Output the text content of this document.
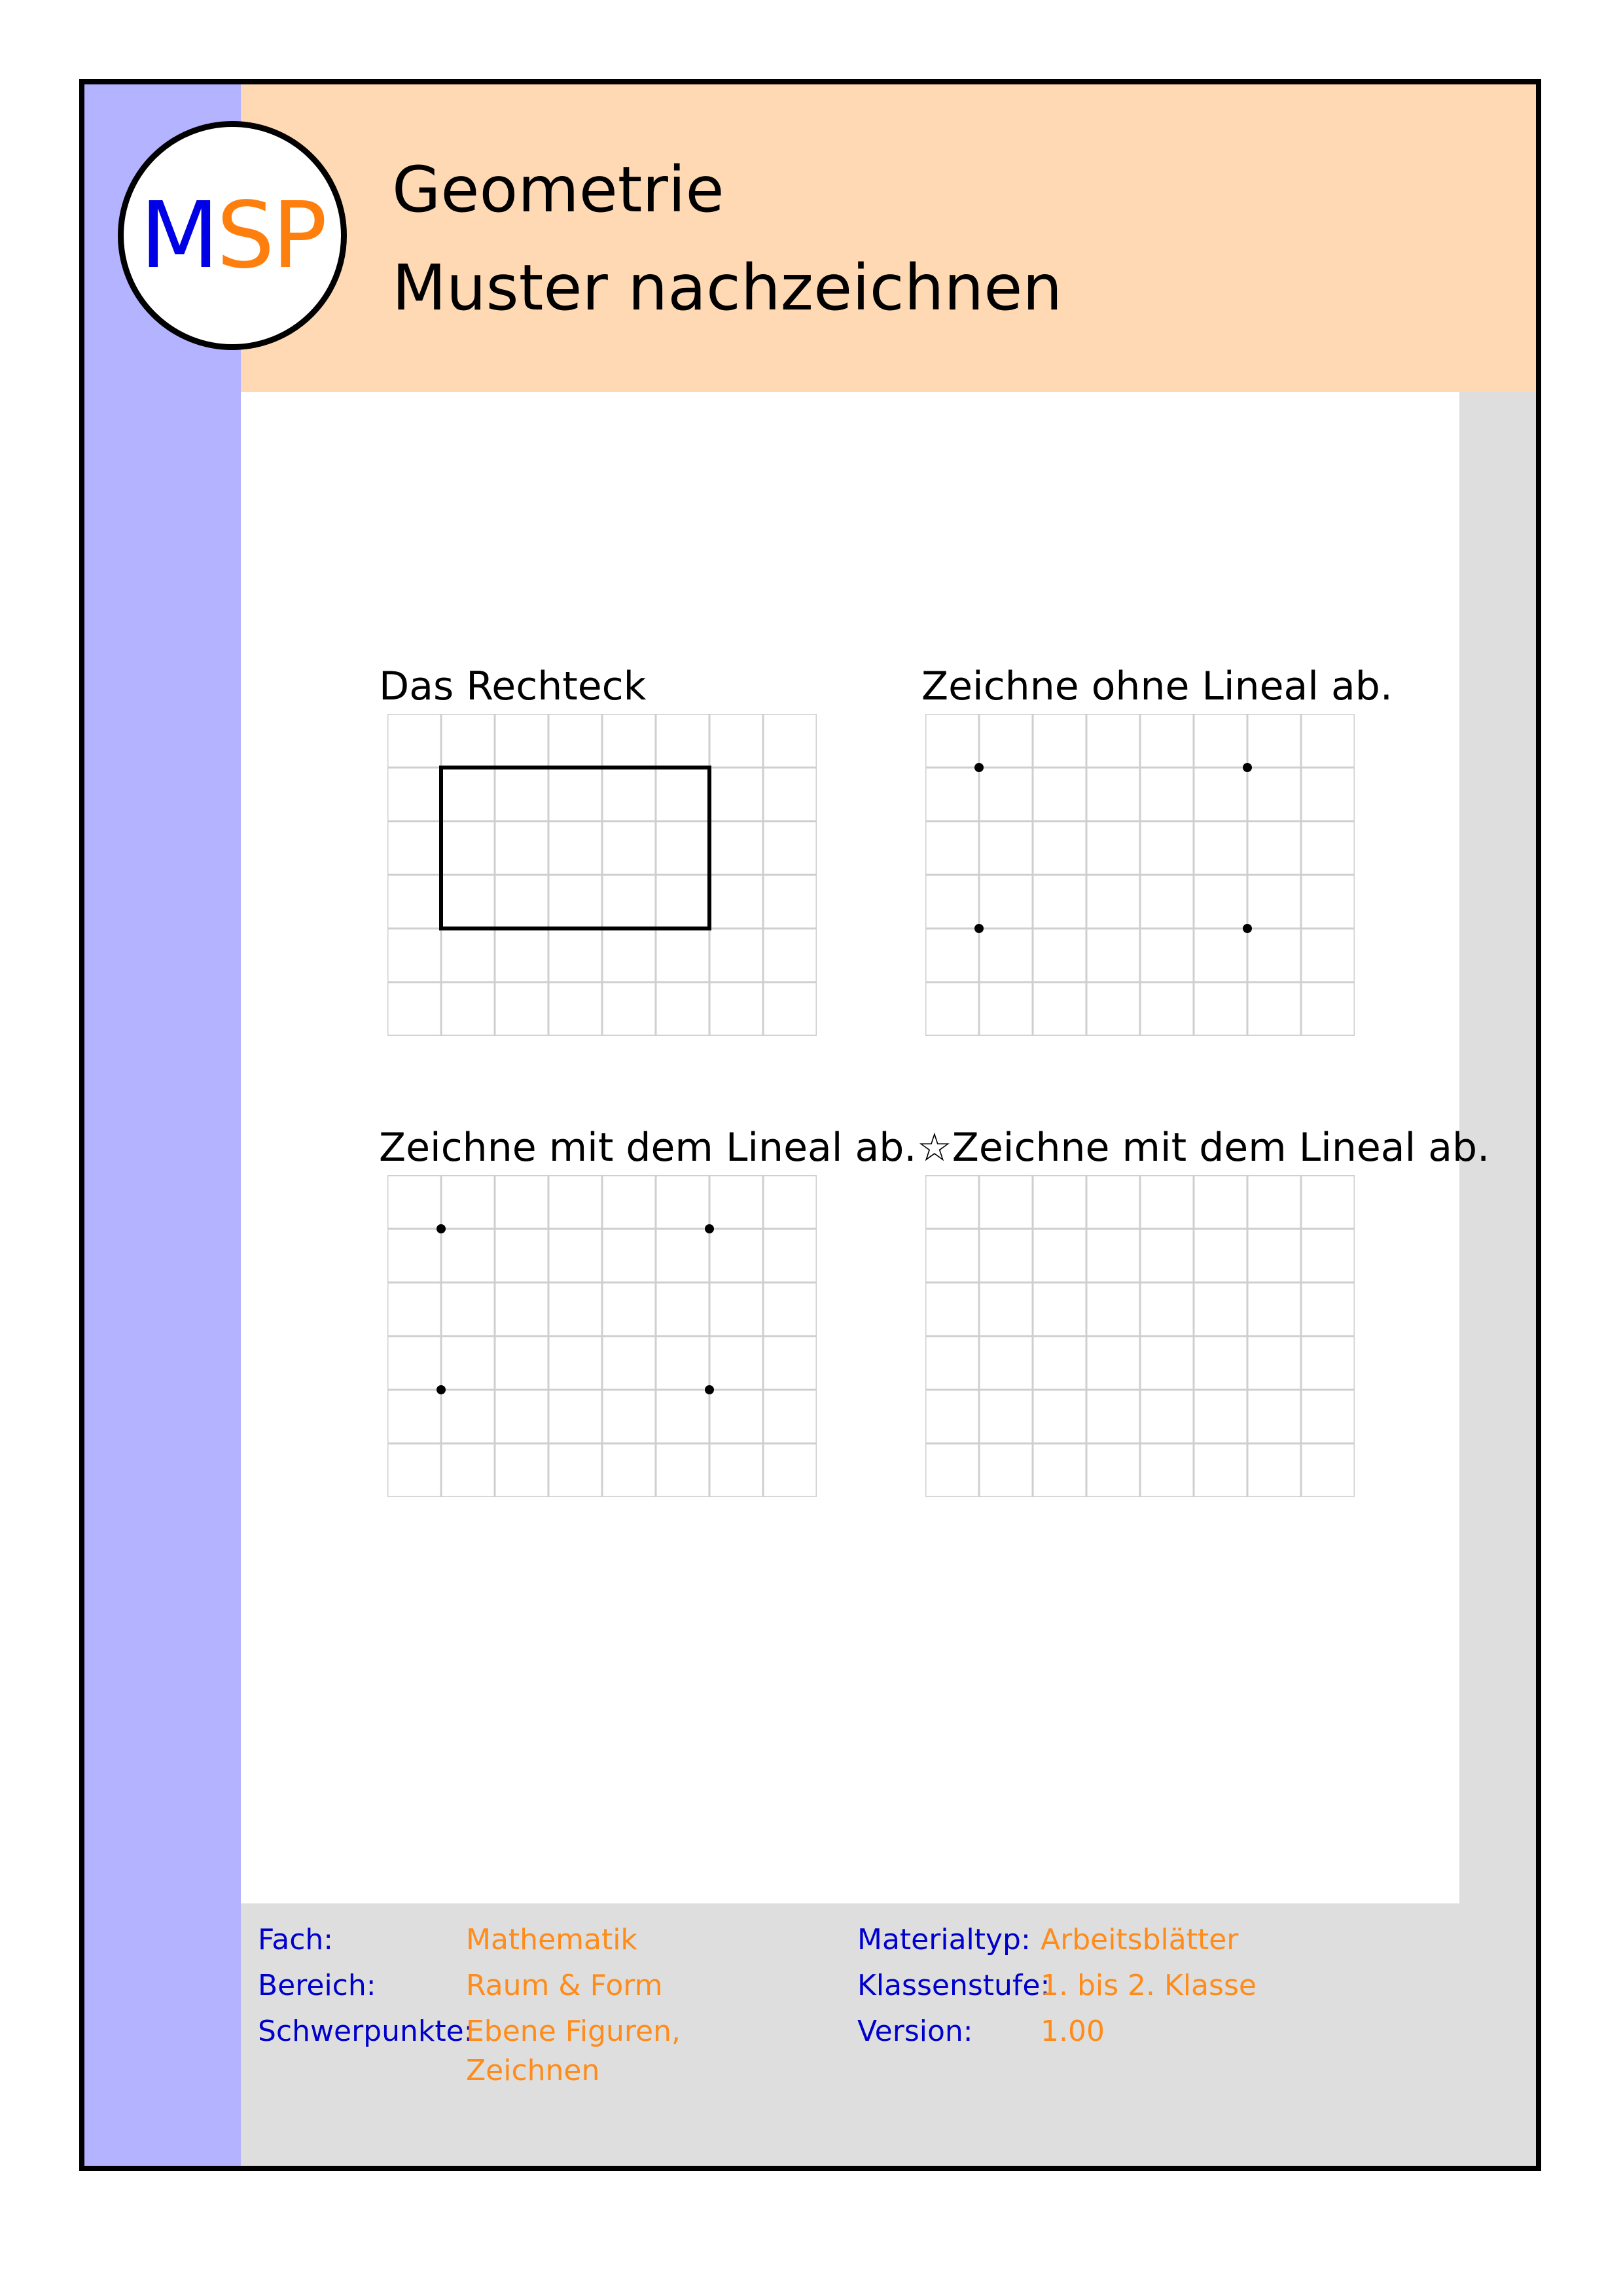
M SP Geometrie
Muster nachzeichnen
Das Rechteck	Zeichne ohne Lineal ab.
Zeichne mit dem Lineal ab. ☆Zeichne mit dem Lineal ab.
Fach:	Mathematik
Bereich:	Raum & Form
Schwerpunkte:
Ebene Figuren,
Zeichnen
Materialtyp: Arbeitsblätter
Klassenstufe:
1. bis 2. Klasse
Version: 1.00
